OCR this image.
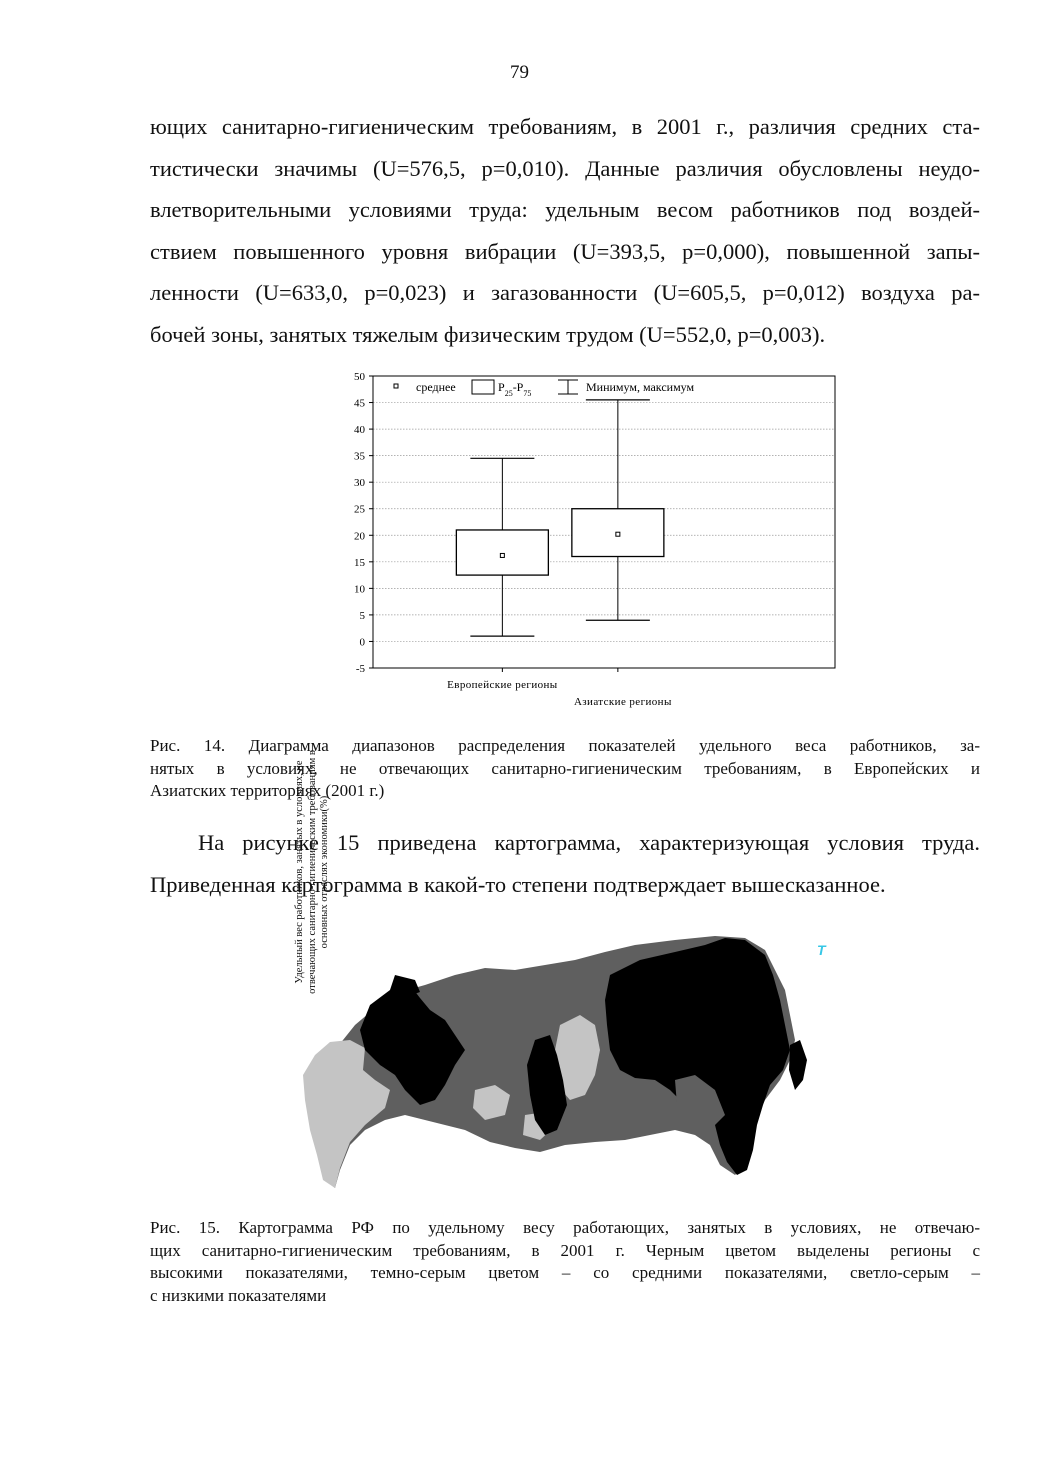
79
ющих санитарно-гигиеническим требованиям, в 2001 г., различия средних ста-
тистически значимы (U=576,5, p=0,010). Данные различия обусловлены неудо-
влетворительными условиями труда: удельным весом работников под воздей-
ствием повышенного уровня вибрации (U=393,5, p=0,000), повышенной запы-
ленности (U=633,0, p=0,023) и загазованности (U=605,5, p=0,012) воздуха ра-
бочей зоны, занятых тяжелым физическим трудом (U=552,0, p=0,003).
Удельный вес работников, занятых в условиях, не отвечающих санитарно-гигиеническим требованиям в основных отраслях экономики(%)
50
45
40
35
30
25
20
15
10
5
0
-5
Европейские регионы
Азиатские регионы
среднее	$P_{25}-P_{75}$	Минимум, максимум
Рис. 14. Диаграмма диапазонов распределения показателей удельного веса работников, за-
нятых в условиях, не отвечающих санитарно-гигиеническим требованиям, в Европейских и
Азиатских территориях (2001 г.)
На рисунке 15 приведена картограмма, характеризующая условия труда.
Приведенная картограмма в какой-то степени подтверждает вышесказанное.
T
Рис. 15. Картограмма РФ по удельному весу работающих, занятых в условиях, не отвечаю-
щих санитарно-гигиеническим требованиям, в 2001 г. Черным цветом выделены регионы с
высокими показателями, темно-серым цветом – со средними показателями, светло-серым –
с низкими показателями
